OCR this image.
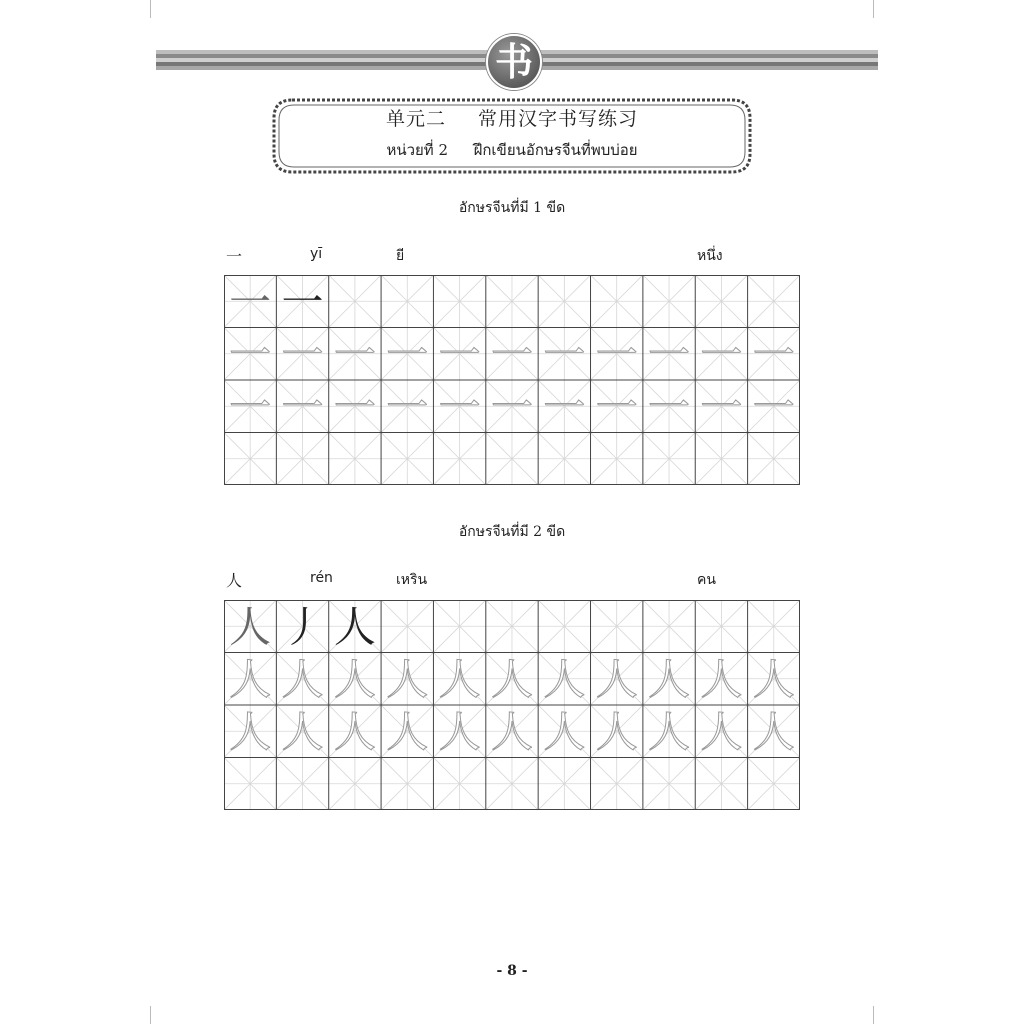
书
单元二 常用汉字书写练习
หน่วยที่ 2 ฝึกเขียนอักษรจีนที่พบบ่อย
อักษรจีนที่มี 1 ขีด
一	yī	ยี	หนึ่ง
一 一
一 一 一 一 一 一 一 一 一 一 一
一 一 一 一 一 一 一 一 一 一 一
อักษรจีนที่มี 2 ขีด
人	rén	เหริน	คน
人 丿 人
人 人 人 人 人 人 人 人 人 人 人
人 人 人 人 人 人 人 人 人 人 人
- 8 -
